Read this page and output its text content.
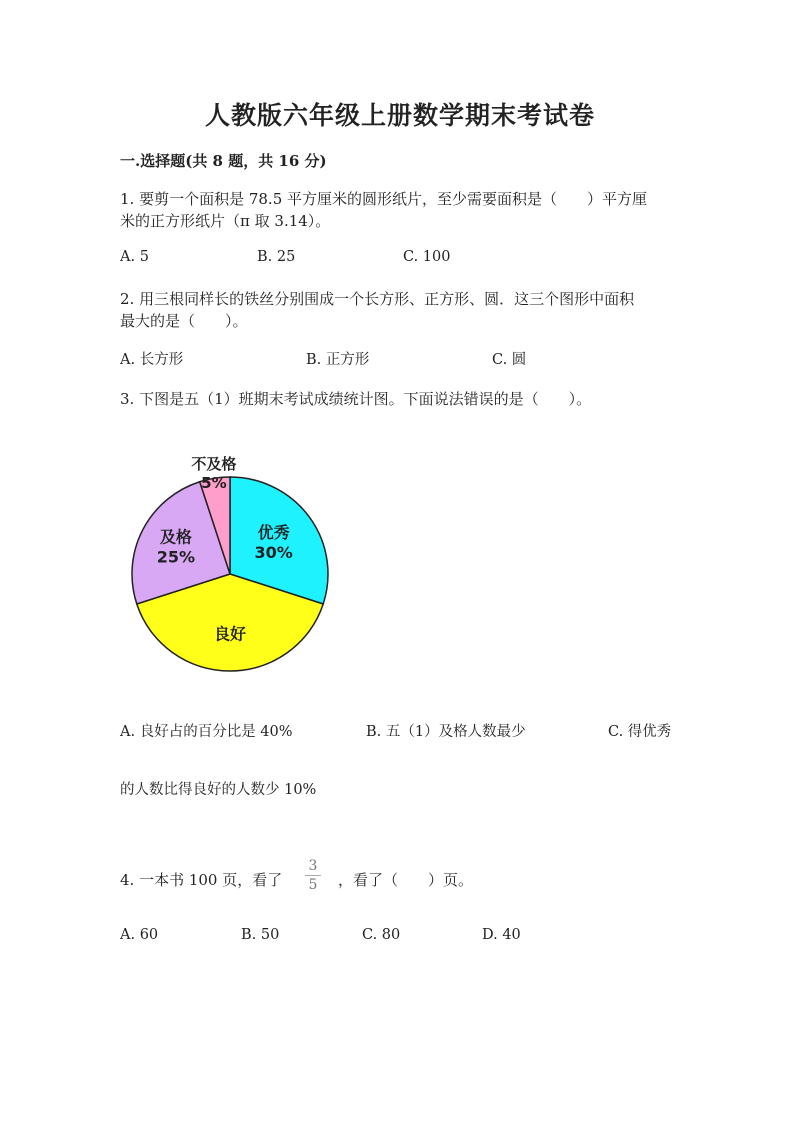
人教版六年级上册数学期末考试卷
一.选择题(共 8 题，共 16 分)
1. 要剪一个面积是 78.5 平方厘米的圆形纸片，至少需要面积是（　　）平方厘
米的正方形纸片（π 取 3.14）。
A. 5	B. 25	C. 100
2. 用三根同样长的铁丝分别围成一个长方形、正方形、圆．这三个图形中面积
最大的是（　　）。
A. 长方形	B. 正方形	C. 圆
3. 下图是五（1）班期末考试成绩统计图。下面说法错误的是（　　）。
优秀
30%
良好
及格
25%
不及格
5%
A. 良好占的百分比是 40%	B. 五（1）及格人数最少	C. 得优秀
的人数比得良好的人数少 10%
4. 一本书 100 页，看了
3
5	，看了（　　）页。
A. 60	B. 50	C. 80	D. 40
